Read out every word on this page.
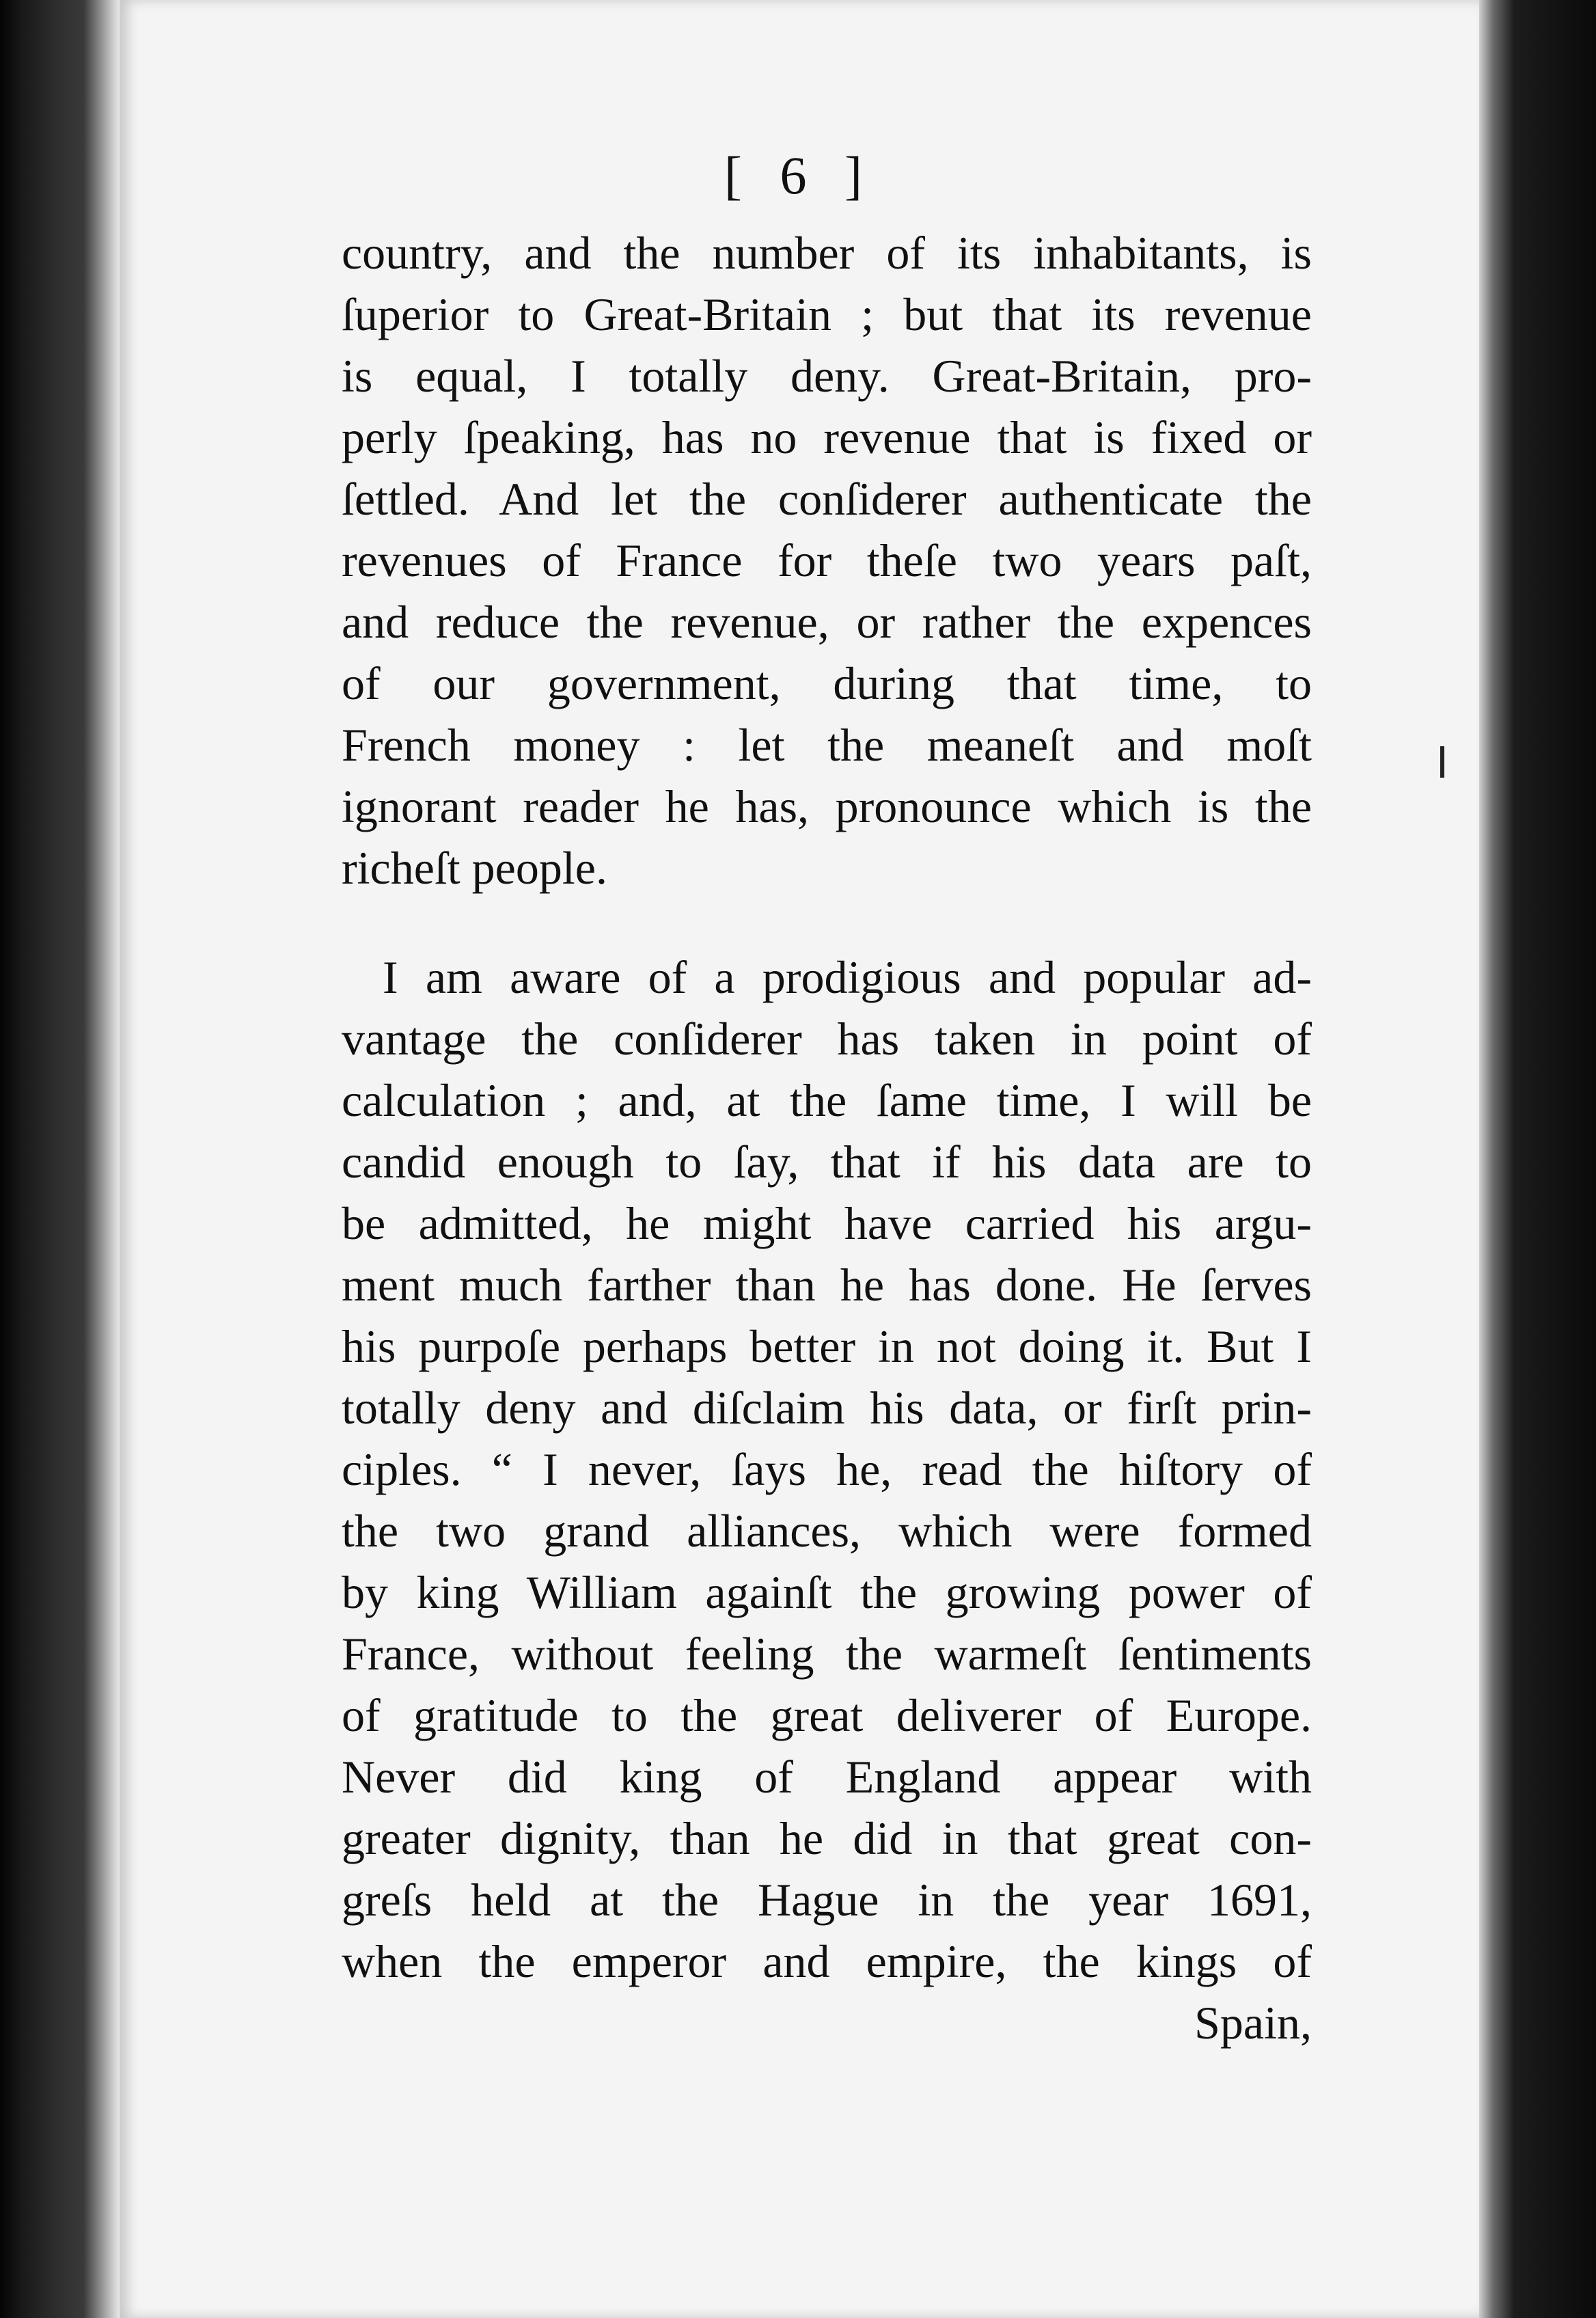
[ 6 ]
country, and the number of its inhabitants, is
ſuperior to Great-Britain ; but that its revenue
is equal, I totally deny. Great-Britain, pro-
perly ſpeaking, has no revenue that is fixed or
ſettled. And let the conſiderer authenticate the
revenues of France for theſe two years paſt,
and reduce the revenue, or rather the expences
of our government, during that time, to
French money : let the meaneſt and moſt
ignorant reader he has, pronounce which is the
richeſt people.
I am aware of a prodigious and popular ad-
vantage the conſiderer has taken in point of
calculation ; and, at the ſame time, I will be
candid enough to ſay, that if his data are to
be admitted, he might have carried his argu-
ment much farther than he has done. He ſerves
his purpoſe perhaps better in not doing it. But I
totally deny and diſclaim his data, or firſt prin-
ciples. “ I never, ſays he, read the hiſtory of
the two grand alliances, which were formed
by king William againſt the growing power of
France, without feeling the warmeſt ſentiments
of gratitude to the great deliverer of Europe.
Never did king of England appear with
greater dignity, than he did in that great con-
greſs held at the Hague in the year 1691,
when the emperor and empire, the kings of
Spain,
